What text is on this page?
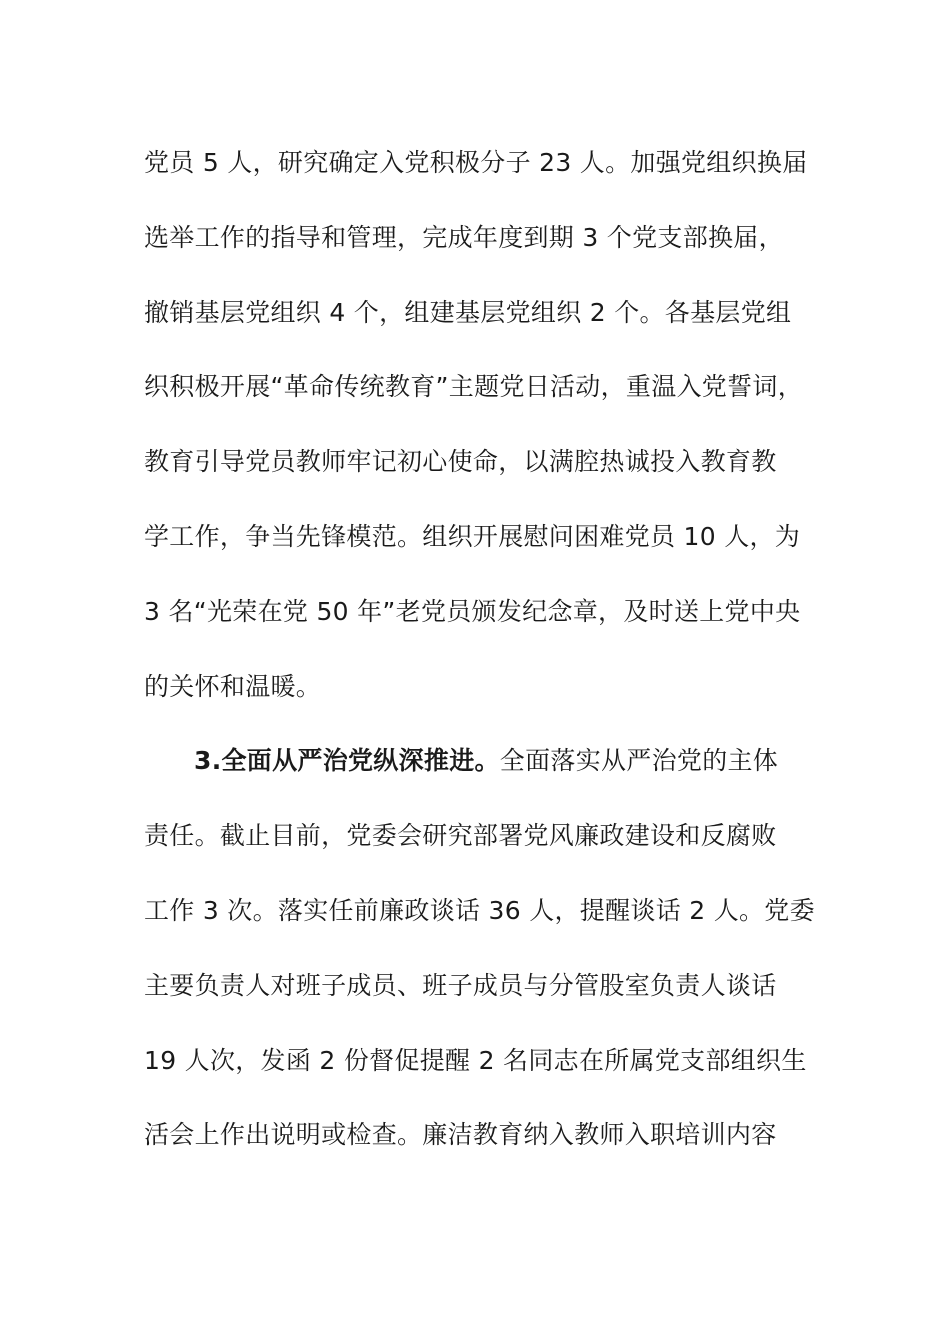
党员 5 人，研究确定入党积极分子 23 人。加强党组织换届
选举工作的指导和管理，完成年度到期 3 个党支部换届，
撤销基层党组织 4 个，组建基层党组织 2 个。各基层党组
织积极开展“革命传统教育”主题党日活动，重温入党誓词，
教育引导党员教师牢记初心使命，以满腔热诚投入教育教
学工作，争当先锋模范。组织开展慰问困难党员 10 人，为
3 名“光荣在党 50 年”老党员颁发纪念章，及时送上党中央
的关怀和温暖。
3.全面从严治党纵深推进。全面落实从严治党的主体
责任。截止目前，党委会研究部署党风廉政建设和反腐败
工作 3 次。落实任前廉政谈话 36 人，提醒谈话 2 人。党委
主要负责人对班子成员、班子成员与分管股室负责人谈话
19 人次，发函 2 份督促提醒 2 名同志在所属党支部组织生
活会上作出说明或检查。廉洁教育纳入教师入职培训内容
